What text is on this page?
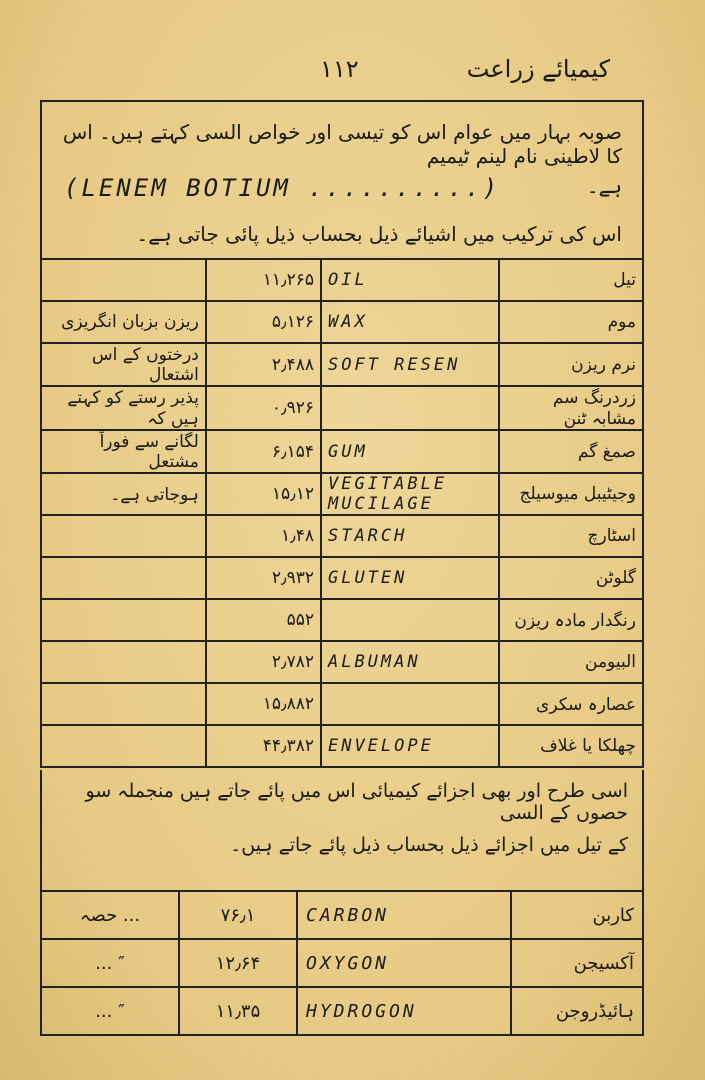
۱۱۲	کیمیائے زراعت
صوبہ بہار میں عوام اس کو تیسی اور خواص السی کہتے ہیں۔ اس کا لاطینی نام لینم ٹیمیم
ہے۔
(LENEM BOTIUM ..........)
اس کی ترکیب میں اشیائے ذیل بحساب ذیل پائی جاتی ہے۔
	۱۱٫۲۶۵	OIL	تیل
ریزن بزبان انگریزی	۵٫۱۲۶	WAX	موم
درختوں کے اس اشتعال	۲٫۴۸۸	SOFT RESEN	نرم ریزن
پذیر رستے کو کہتے ہیں کہ	۰٫۹۲۶		زردرنگ سم مشابہ ٹنن
لگانے سے فوراً مشتعل	۶٫۱۵۴	GUM	صمغ گم
ہوجاتی ہے۔	۱۵٫۱۲	VEGITABLE MUCILAGE	وجیٹیبل میوسیلج
	۱٫۴۸	STARCH	اسٹارچ
	۲٫۹۳۲	GLUTEN	گلوٹن
	۵۵۲		رنگدار مادہ ریزن
	۲٫۷۸۲	ALBUMAN	البیومن
	۱۵٫۸۸۲		عصارہ سکری
	۴۴٫۳۸۲	ENVELOPE	چھلکا یا غلاف
اسی طرح اور بھی اجزائے کیمیائی اس میں پائے جاتے ہیں منجملہ سو حصوں کے السی
کے تیل میں اجزائے ذیل بحساب ذیل پائے جاتے ہیں۔
... حصہ	۷۶٫۱	CARBON	کاربن
″ ...	۱۲٫۶۴	OXYGON	آکسیجن
″ ...	۱۱٫۳۵	HYDROGON	ہائیڈروجن
